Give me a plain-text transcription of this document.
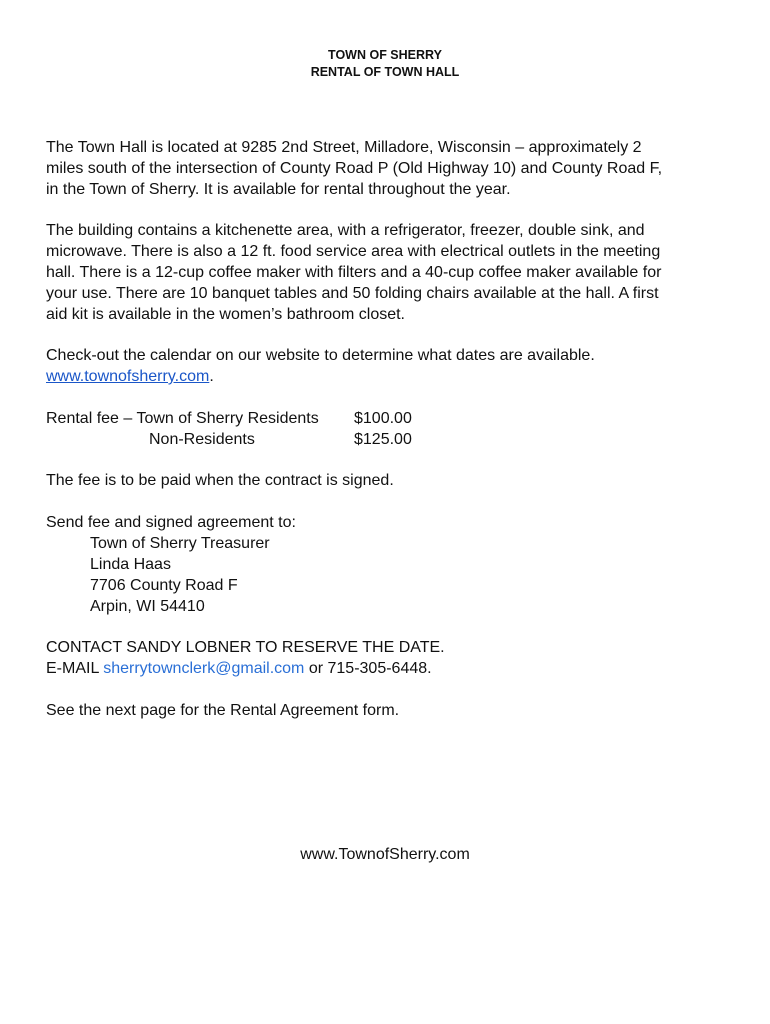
TOWN OF SHERRY
RENTAL OF TOWN HALL

The Town Hall is located at 9285 2nd Street, Milladore, Wisconsin – approximately 2
miles south of the intersection of County Road P (Old Highway 10) and County Road F,
in the Town of Sherry. It is available for rental throughout the year.

The building contains a kitchenette area, with a refrigerator, freezer, double sink, and
microwave. There is also a 12 ft. food service area with electrical outlets in the meeting
hall. There is a 12-cup coffee maker with filters and a 40-cup coffee maker available for
your use. There are 10 banquet tables and 50 folding chairs available at the hall. A first
aid kit is available in the women’s bathroom closet.

Check-out the calendar on our website to determine what dates are available.
www.townofsherry.com.

Rental fee – Town of Sherry Residents $100.00
Non-Residents	$125.00

The fee is to be paid when the contract is signed.

Send fee and signed agreement to:
Town of Sherry Treasurer
Linda Haas
7706 County Road F
Arpin, WI 54410
CONTACT SANDY LOBNER TO RESERVE THE DATE.
E-MAIL sherrytownclerk@gmail.com or 715-305-6448.

See the next page for the Rental Agreement form.

www.TownofSherry.com
